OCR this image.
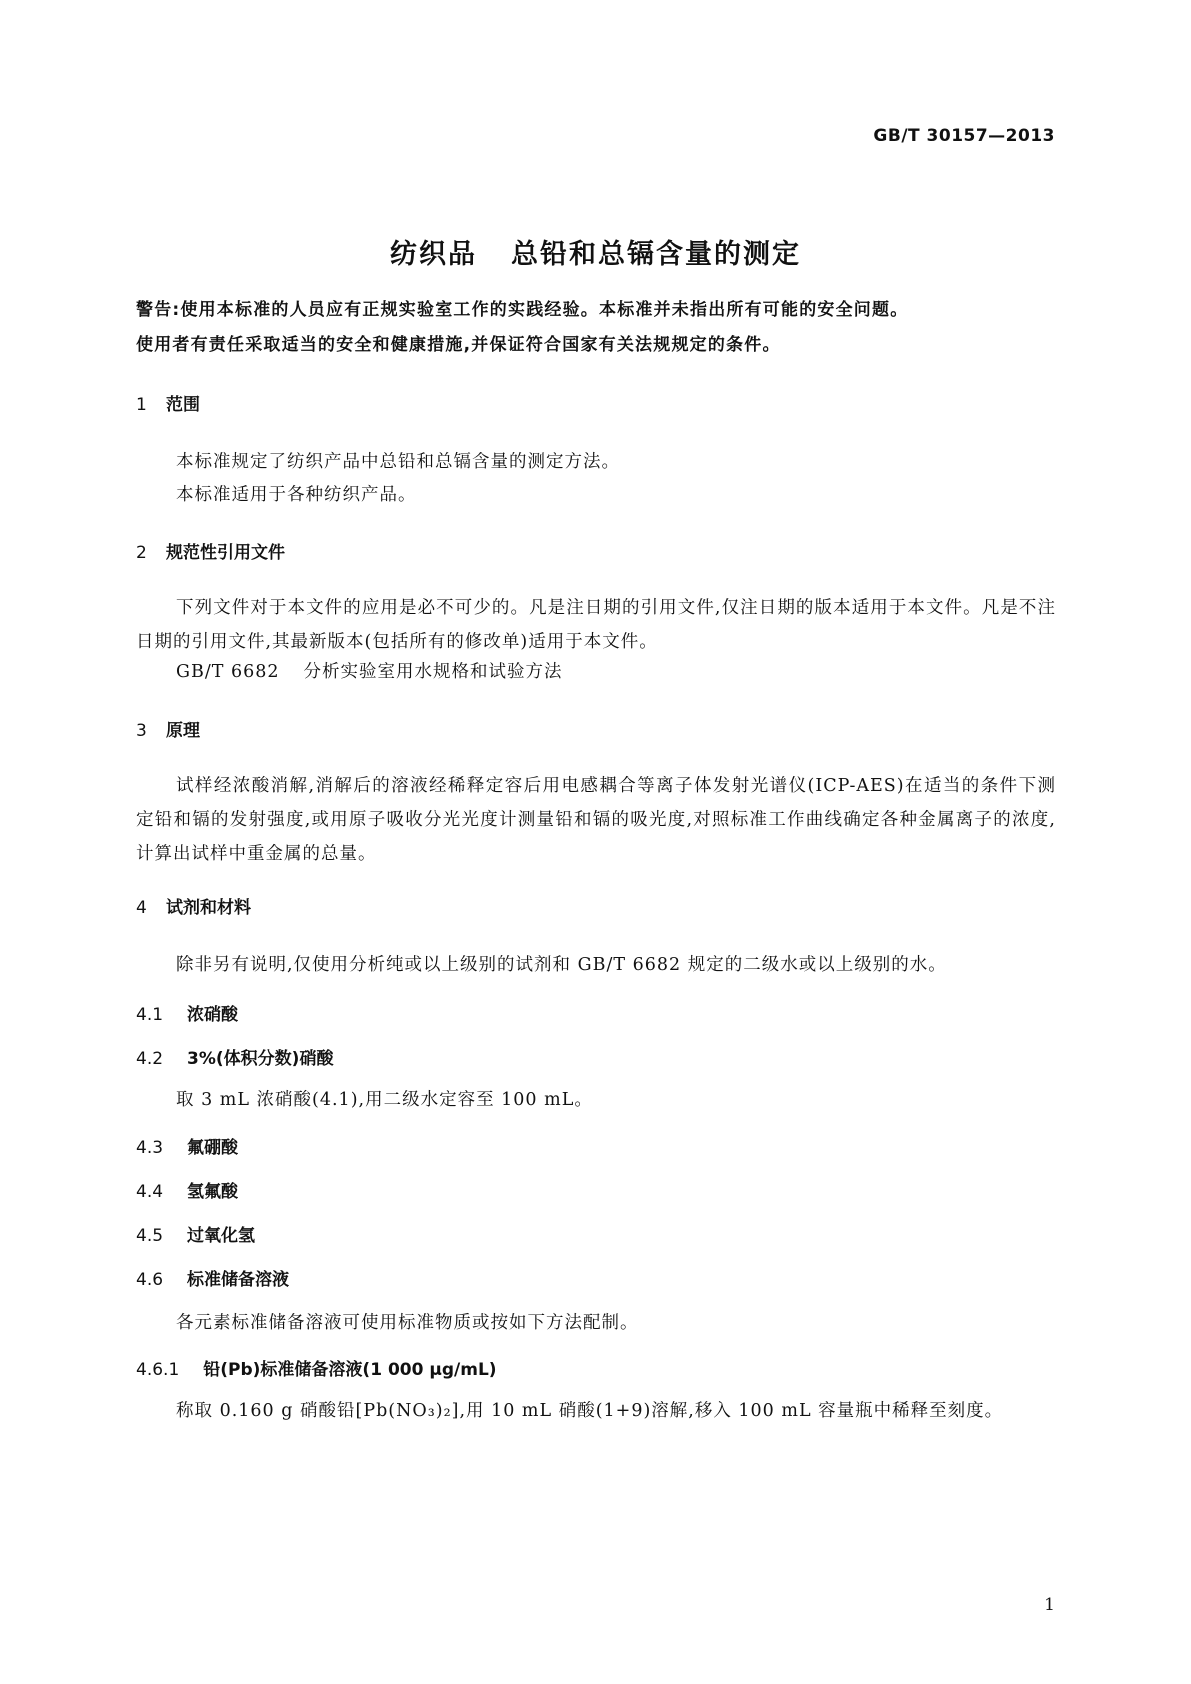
GB/T 30157—2013
纺织品 总铅和总镉含量的测定
警告:使用本标准的人员应有正规实验室工作的实践经验。本标准并未指出所有可能的安全问题。
使用者有责任采取适当的安全和健康措施,并保证符合国家有关法规规定的条件。
1 范围
本标准规定了纺织产品中总铅和总镉含量的测定方法。
本标准适用于各种纺织产品。
2 规范性引用文件
下列文件对于本文件的应用是必不可少的。凡是注日期的引用文件,仅注日期的版本适用于本文件。凡是不注日期的引用文件,其最新版本(包括所有的修改单)适用于本文件。
GB/T 6682 分析实验室用水规格和试验方法
3 原理
试样经浓酸消解,消解后的溶液经稀释定容后用电感耦合等离子体发射光谱仪(ICP-AES)在适当的条件下测定铅和镉的发射强度,或用原子吸收分光光度计测量铅和镉的吸光度,对照标准工作曲线确定各种金属离子的浓度,计算出试样中重金属的总量。
4 试剂和材料
除非另有说明,仅使用分析纯或以上级别的试剂和 GB/T 6682 规定的二级水或以上级别的水。
4.1 浓硝酸
4.2 3%(体积分数)硝酸
取 3 mL 浓硝酸(4.1),用二级水定容至 100 mL。
4.3 氟硼酸
4.4 氢氟酸
4.5 过氧化氢
4.6 标准储备溶液
各元素标准储备溶液可使用标准物质或按如下方法配制。
4.6.1 铅(Pb)标准储备溶液(1 000 μg/mL)
称取 0.160 g 硝酸铅[Pb(NO₃)₂],用 10 mL 硝酸(1+9)溶解,移入 100 mL 容量瓶中稀释至刻度。
1
